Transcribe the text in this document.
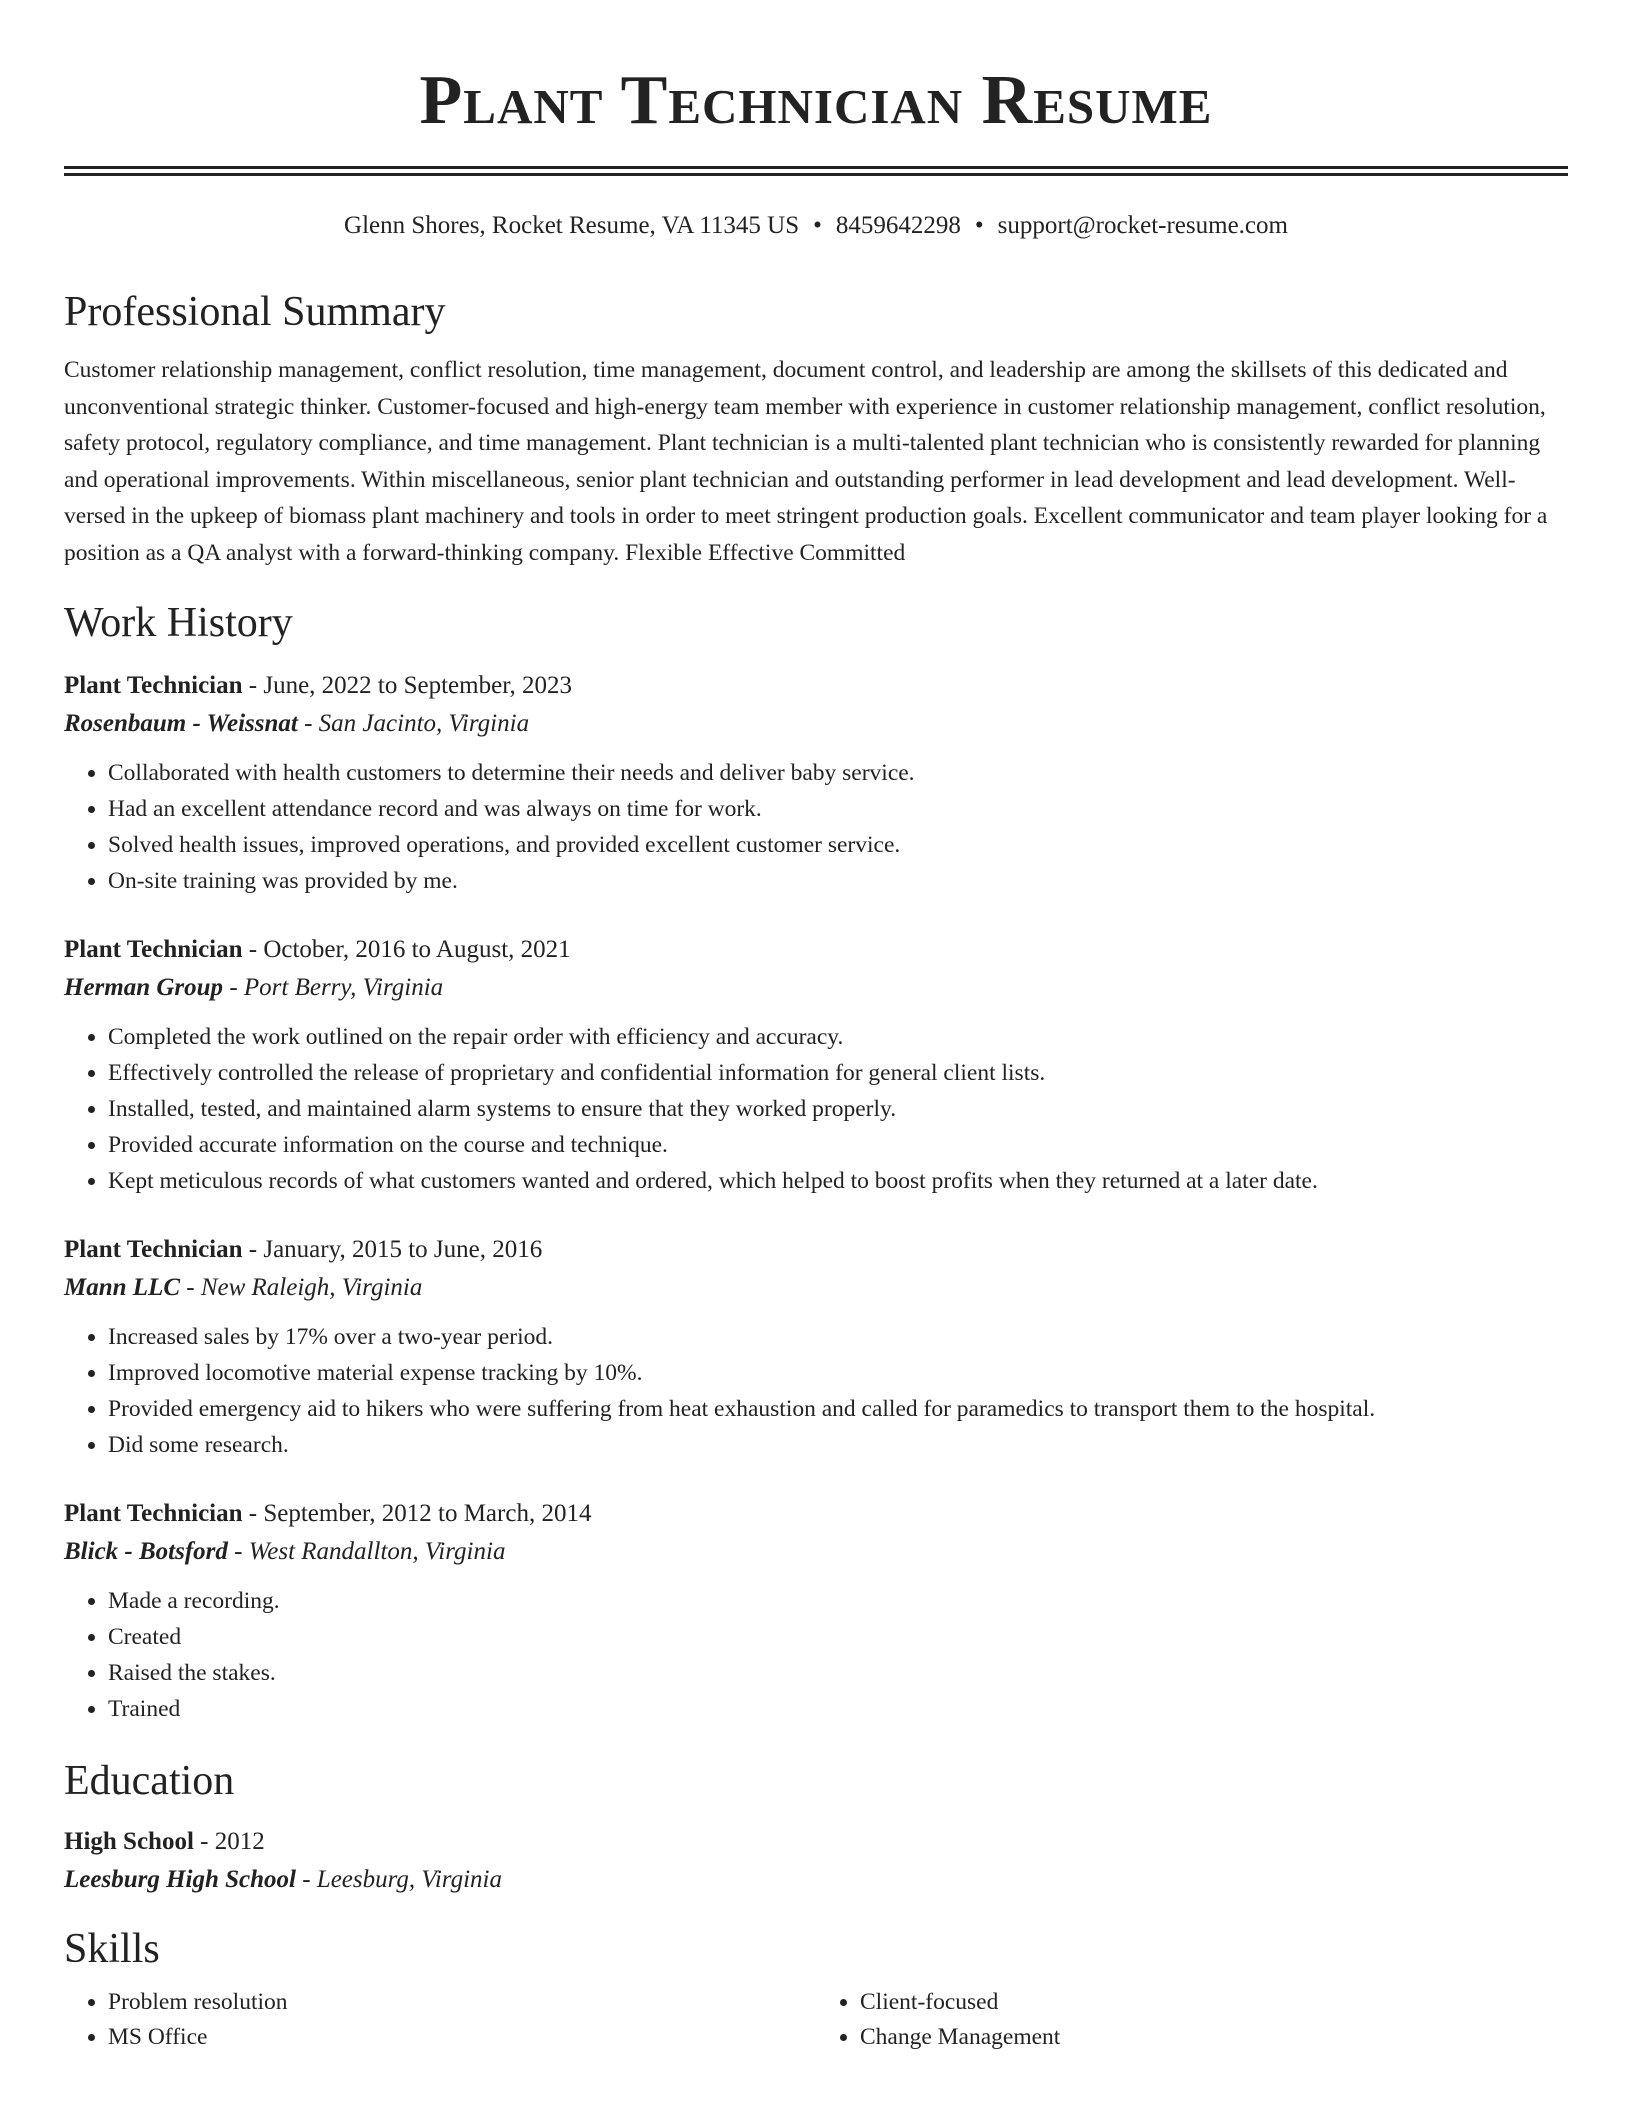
Plant Technician Resume
Glenn Shores, Rocket Resume, VA 11345 US • 8459642298 • support@rocket-resume.com
Professional Summary

Customer relationship management, conflict resolution, time management, document control, and leadership are among the skillsets of this dedicated and unconventional strategic thinker. Customer-focused and high-energy team member with experience in customer relationship management, conflict resolution, safety protocol, regulatory compliance, and time management. Plant technician is a multi-talented plant technician who is consistently rewarded for planning and operational improvements. Within miscellaneous, senior plant technician and outstanding performer in lead development and lead development. Well-versed in the upkeep of biomass plant machinery and tools in order to meet stringent production goals. Excellent communicator and team player looking for a position as a QA analyst with a forward-thinking company. Flexible Effective Committed

Work History
Plant Technician - June, 2022 to September, 2023
Rosenbaum - Weissnat - San Jacinto, Virginia
• Collaborated with health customers to determine their needs and deliver baby service.
• Had an excellent attendance record and was always on time for work.
• Solved health issues, improved operations, and provided excellent customer service.
• On-site training was provided by me.
Plant Technician - October, 2016 to August, 2021
Herman Group - Port Berry, Virginia
• Completed the work outlined on the repair order with efficiency and accuracy.
• Effectively controlled the release of proprietary and confidential information for general client lists.
• Installed, tested, and maintained alarm systems to ensure that they worked properly.
• Provided accurate information on the course and technique.
• Kept meticulous records of what customers wanted and ordered, which helped to boost profits when they returned at a later date.
Plant Technician - January, 2015 to June, 2016
Mann LLC - New Raleigh, Virginia
• Increased sales by 17% over a two-year period.
• Improved locomotive material expense tracking by 10%.
• Provided emergency aid to hikers who were suffering from heat exhaustion and called for paramedics to transport them to the hospital.
• Did some research.
Plant Technician - September, 2012 to March, 2014
Blick - Botsford - West Randallton, Virginia
• Made a recording.
• Created
• Raised the stakes.
• Trained
Education
High School - 2012
Leesburg High School - Leesburg, Virginia
Skills
• Problem resolution
• MS Office
• Client-focused
• Change Management
